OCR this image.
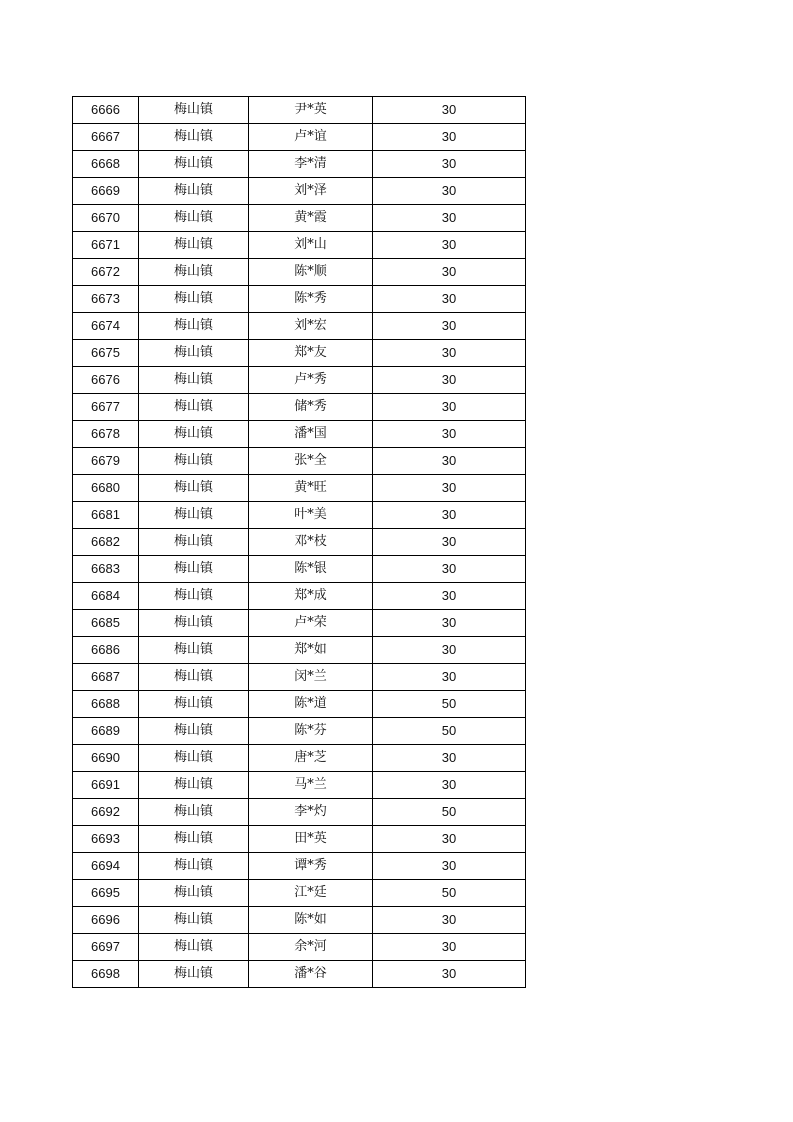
6666	梅山镇	尹*英	30
6667	梅山镇	卢*谊	30
6668	梅山镇	李*清	30
6669	梅山镇	刘*泽	30
6670	梅山镇	黄*霞	30
6671	梅山镇	刘*山	30
6672	梅山镇	陈*顺	30
6673	梅山镇	陈*秀	30
6674	梅山镇	刘*宏	30
6675	梅山镇	郑*友	30
6676	梅山镇	卢*秀	30
6677	梅山镇	储*秀	30
6678	梅山镇	潘*国	30
6679	梅山镇	张*全	30
6680	梅山镇	黄*旺	30
6681	梅山镇	叶*美	30
6682	梅山镇	邓*枝	30
6683	梅山镇	陈*银	30
6684	梅山镇	郑*成	30
6685	梅山镇	卢*荣	30
6686	梅山镇	郑*如	30
6687	梅山镇	闵*兰	30
6688	梅山镇	陈*道	50
6689	梅山镇	陈*芬	50
6690	梅山镇	唐*芝	30
6691	梅山镇	马*兰	30
6692	梅山镇	李*灼	50
6693	梅山镇	田*英	30
6694	梅山镇	谭*秀	30
6695	梅山镇	江*廷	50
6696	梅山镇	陈*如	30
6697	梅山镇	余*河	30
6698	梅山镇	潘*谷	30
